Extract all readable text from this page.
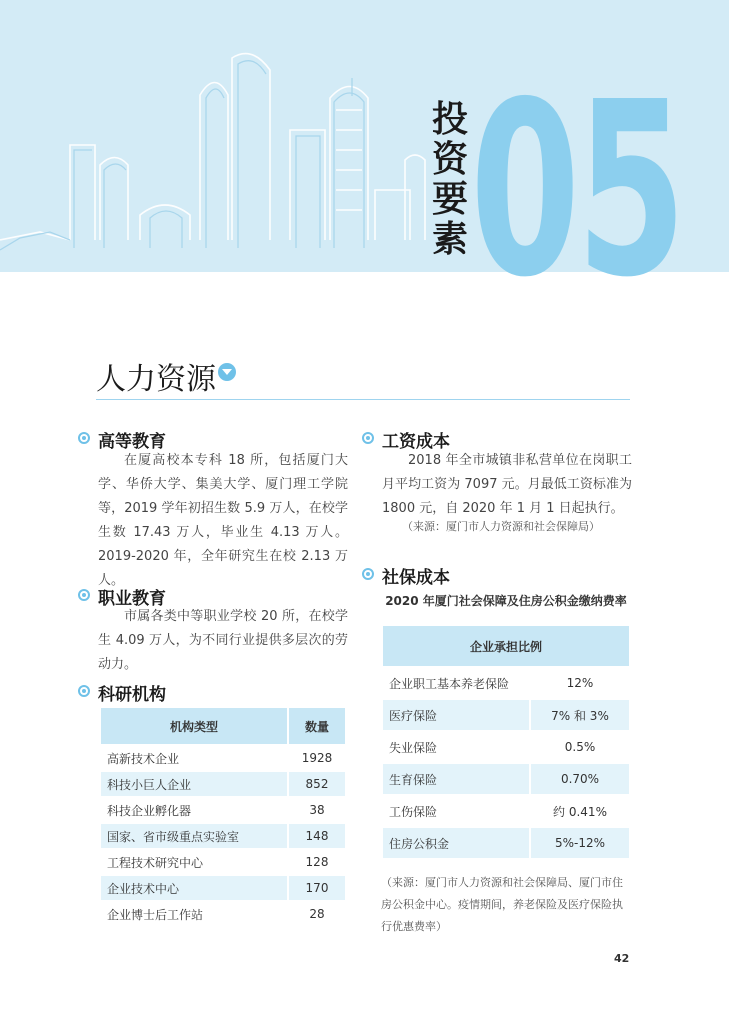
05
投资要素
人力资源
高等教育
在厦高校本专科 18 所，包括厦门大学、华侨大学、集美大学、厦门理工学院等，2019 学年初招生数 5.9 万人，在校学生数 17.43 万人，毕业生 4.13 万人。2019-2020 年，全年研究生在校 2.13 万人。
职业教育
市属各类中等职业学校 20 所，在校学生 4.09 万人，为不同行业提供多层次的劳动力。
科研机构
机构类型	数量
高新技术企业	1928
科技小巨人企业	852
科技企业孵化器	38
国家、省市级重点实验室	148
工程技术研究中心	128
企业技术中心	170
企业博士后工作站	28
工资成本
2018 年全市城镇非私营单位在岗职工月平均工资为 7097 元。月最低工资标准为 1800 元，自 2020 年 1 月 1 日起执行。
（来源：厦门市人力资源和社会保障局）
社保成本
2020 年厦门社会保障及住房公积金缴纳费率
企业承担比例	
企业职工基本养老保险	12%
医疗保险	7% 和 3%
失业保险	0.5%
生育保险	0.70%
工伤保险	约 0.41%
住房公积金	5%-12%
（来源：厦门市人力资源和社会保障局、厦门市住房公积金中心。疫情期间，养老保险及医疗保险执行优惠费率）
42
